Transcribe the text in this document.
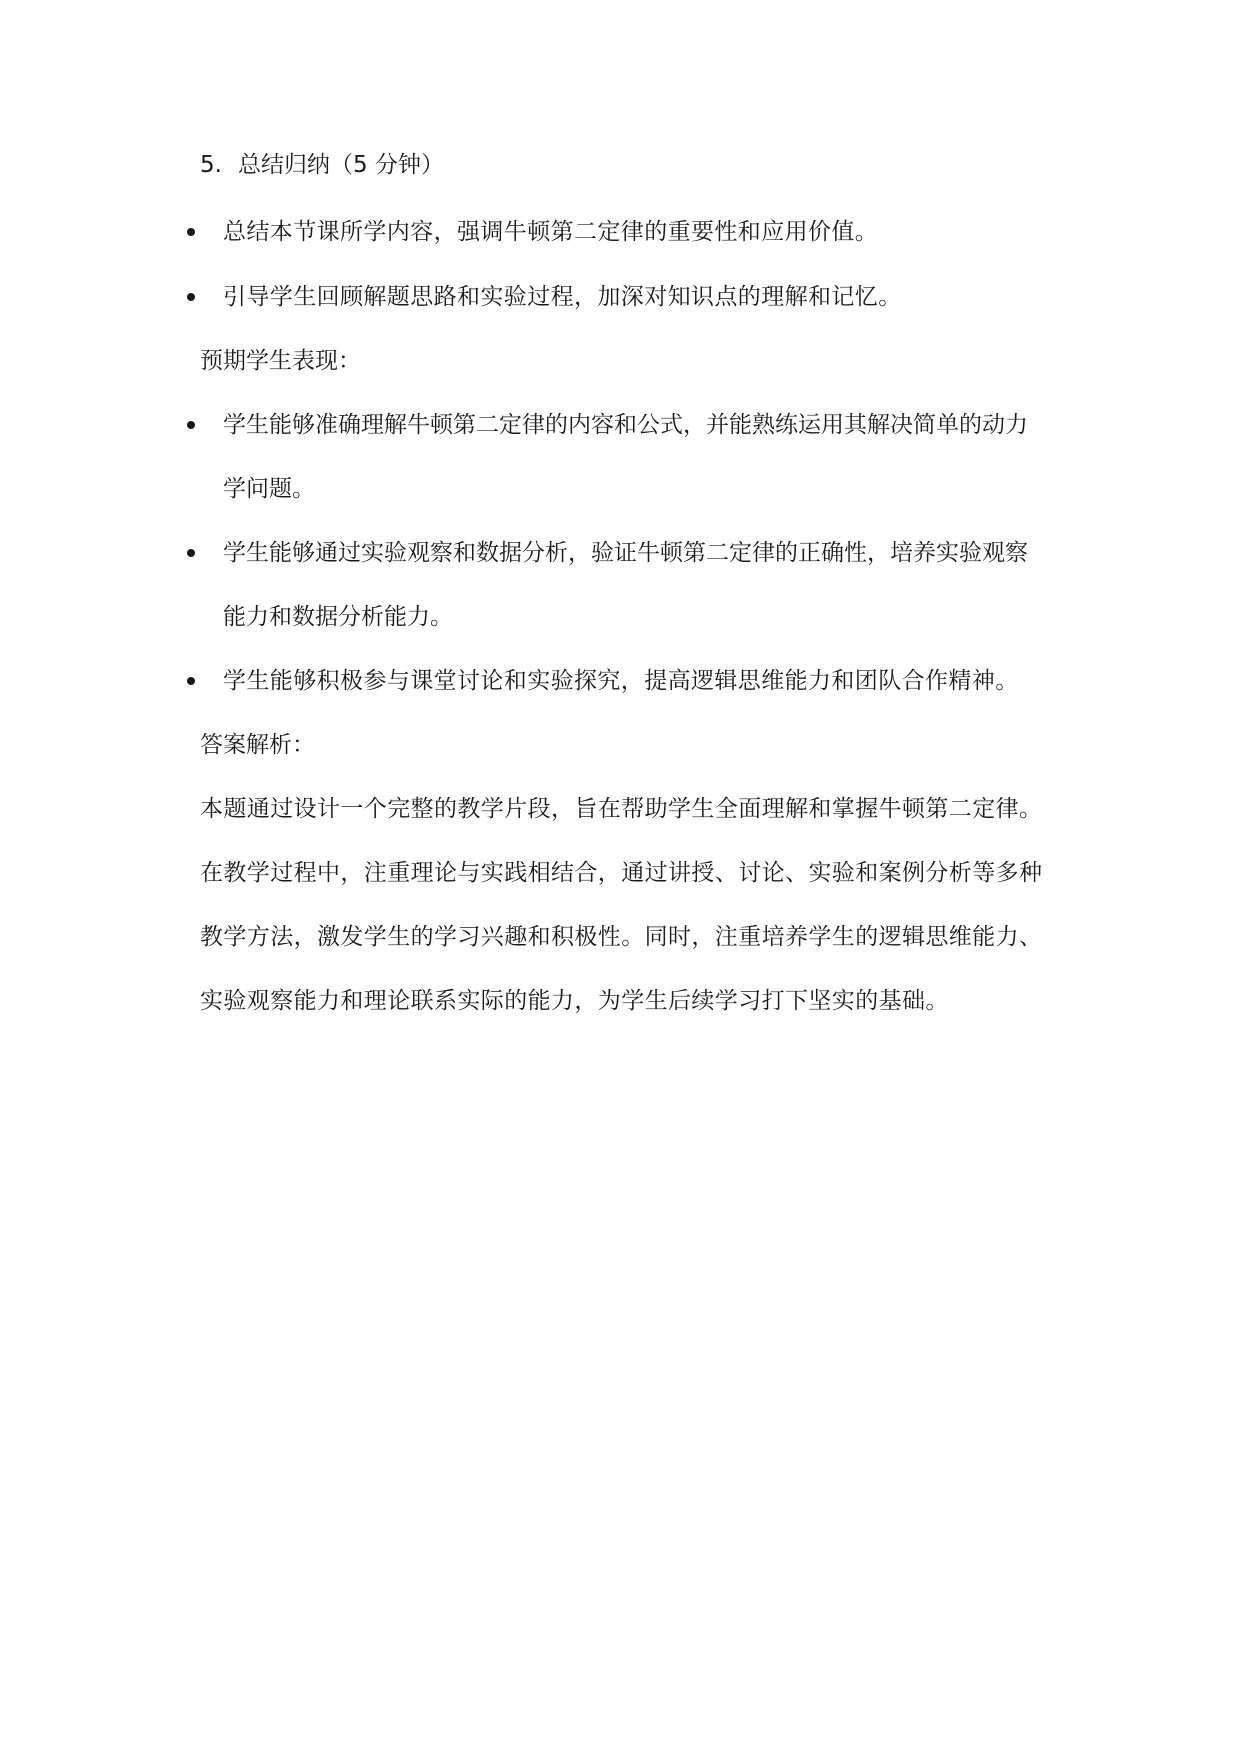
5. 总结归纳（5 分钟）
总结本节课所学内容，强调牛顿第二定律的重要性和应用价值。
引导学生回顾解题思路和实验过程，加深对知识点的理解和记忆。
预期学生表现：
学生能够准确理解牛顿第二定律的内容和公式，并能熟练运用其解决简单的动力
学问题。
学生能够通过实验观察和数据分析，验证牛顿第二定律的正确性，培养实验观察
能力和数据分析能力。
学生能够积极参与课堂讨论和实验探究，提高逻辑思维能力和团队合作精神。
答案解析：
本题通过设计一个完整的教学片段，旨在帮助学生全面理解和掌握牛顿第二定律。
在教学过程中，注重理论与实践相结合，通过讲授、讨论、实验和案例分析等多种
教学方法，激发学生的学习兴趣和积极性。同时，注重培养学生的逻辑思维能力、
实验观察能力和理论联系实际的能力，为学生后续学习打下坚实的基础。
